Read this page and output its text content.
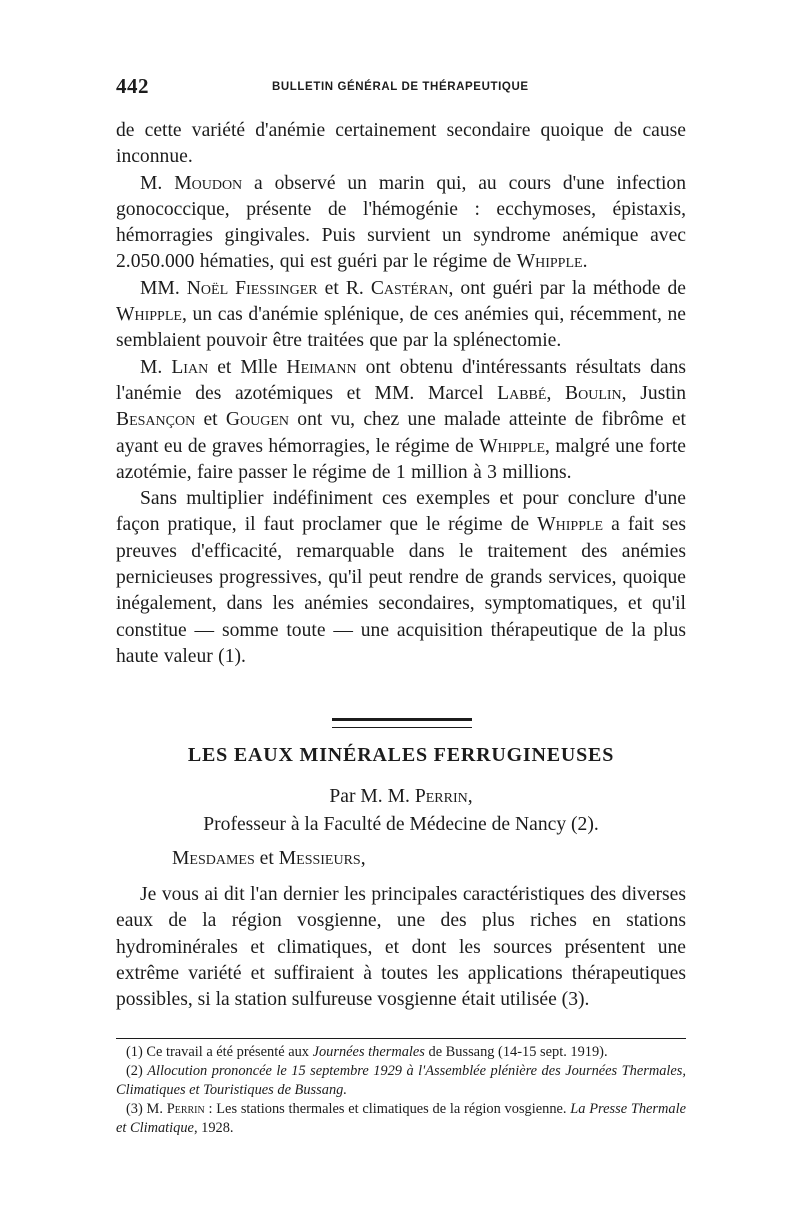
442	BULLETIN GÉNÉRAL DE THÉRAPEUTIQUE

de cette variété d'anémie certainement secondaire quoique de cause inconnue.

M. Moudon a observé un marin qui, au cours d'une infection gonococcique, présente de l'hémogénie : ecchymoses, épistaxis, hémorragies gingivales. Puis survient un syndrome anémique avec 2.050.000 hématies, qui est guéri par le régime de Whipple.

MM. Noël Fiessinger et R. Castéran, ont guéri par la méthode de Whipple, un cas d'anémie splénique, de ces anémies qui, récemment, ne semblaient pouvoir être traitées que par la splénectomie.

M. Lian et Mlle Heimann ont obtenu d'intéressants résultats dans l'anémie des azotémiques et MM. Marcel Labbé, Boulin, Justin Besançon et Gougen ont vu, chez une malade atteinte de fibrôme et ayant eu de graves hémorragies, le régime de Whipple, malgré une forte azotémie, faire passer le régime de 1 million à 3 millions.

Sans multiplier indéfiniment ces exemples et pour conclure d'une façon pratique, il faut proclamer que le régime de Whipple a fait ses preuves d'efficacité, remarquable dans le traitement des anémies pernicieuses progressives, qu'il peut rendre de grands services, quoique inégalement, dans les anémies secondaires, symptomatiques, et qu'il constitue — somme toute — une acquisition thérapeutique de la plus haute valeur (1).

LES EAUX MINÉRALES FERRUGINEUSES
Par M. M. Perrin,
Professeur à la Faculté de Médecine de Nancy (2).
Mesdames et Messieurs,

Je vous ai dit l'an dernier les principales caractéristiques des diverses eaux de la région vosgienne, une des plus riches en stations hydrominérales et climatiques, et dont les sources présentent une extrême variété et suffiraient à toutes les applications thérapeutiques possibles, si la station sulfureuse vosgienne était utilisée (3).

(1) Ce travail a été présenté aux Journées thermales de Bussang (14-15 sept. 1919).

(2) Allocution prononcée le 15 septembre 1929 à l'Assemblée plénière des Journées Thermales, Climatiques et Touristiques de Bussang.

(3) M. Perrin : Les stations thermales et climatiques de la région vosgienne. La Presse Thermale et Climatique, 1928.
